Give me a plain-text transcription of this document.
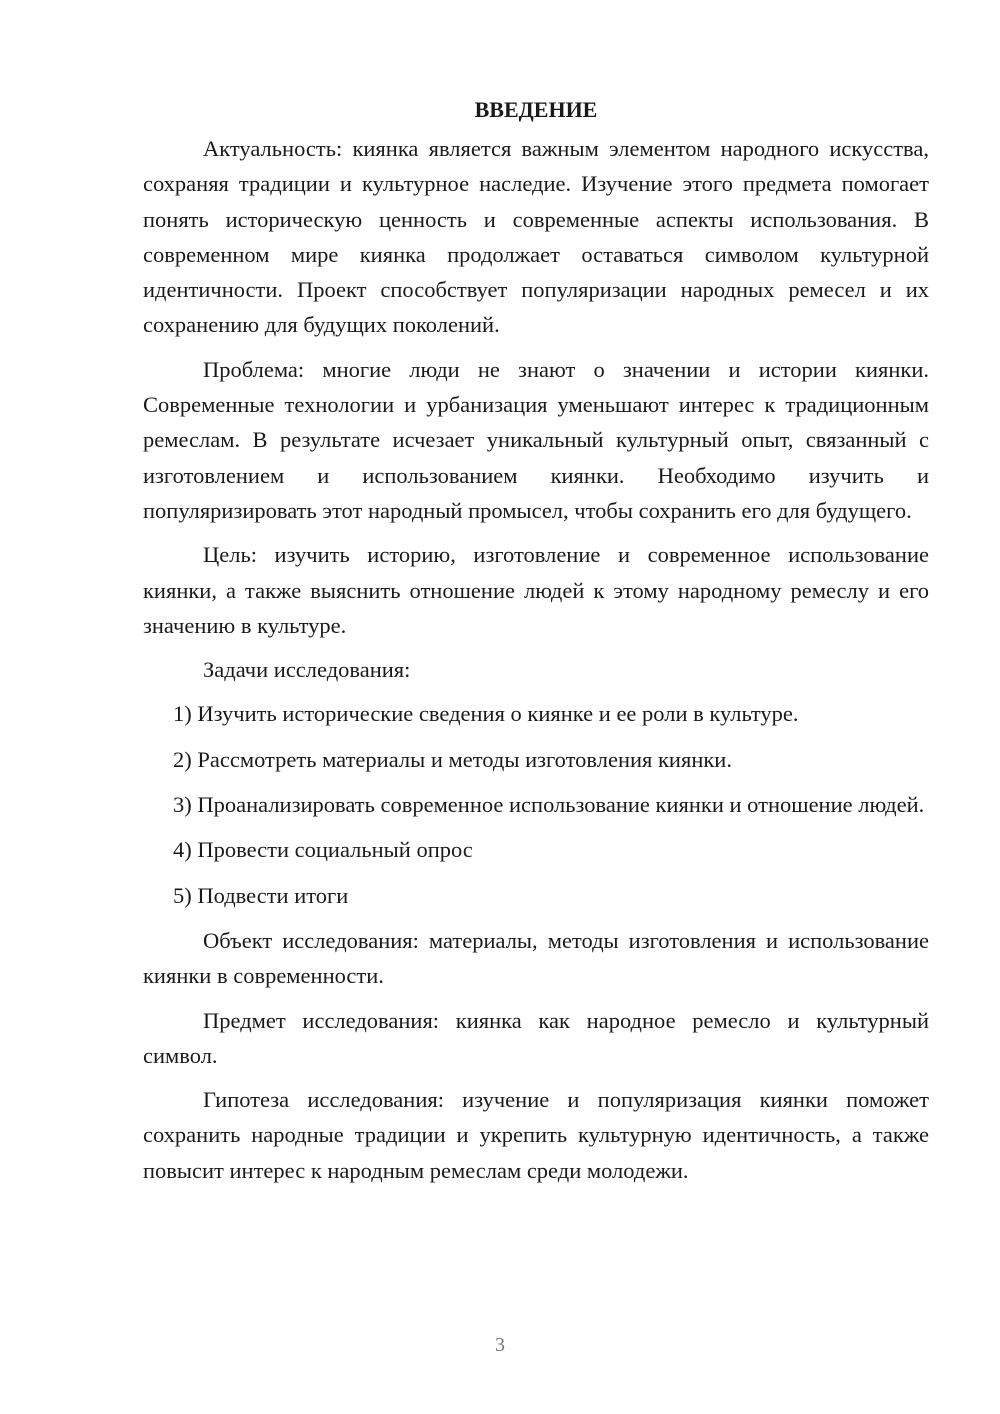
ВВЕДЕНИЕ

Актуальность: киянка является важным элементом народного искусства, сохраняя традиции и культурное наследие. Изучение этого предмета помогает понять историческую ценность и современные аспекты использования. В современном мире киянка продолжает оставаться символом культурной идентичности. Проект способствует популяризации народных ремесел и их сохранению для будущих поколений.

Проблема: многие люди не знают о значении и истории киянки. Современные технологии и урбанизация уменьшают интерес к традиционным ремеслам. В результате исчезает уникальный культурный опыт, связанный с изготовлением и использованием киянки. Необходимо изучить и популяризировать этот народный промысел, чтобы сохранить его для будущего.

Цель: изучить историю, изготовление и современное использование киянки, а также выяснить отношение людей к этому народному ремеслу и его значению в культуре.

Задачи исследования:

1) Изучить исторические сведения о киянке и ее роли в культуре.

2) Рассмотреть материалы и методы изготовления киянки.

3) Проанализировать современное использование киянки и отношение людей.

4) Провести социальный опрос

5) Подвести итоги

Объект исследования: материалы, методы изготовления и использование киянки в современности.

Предмет исследования: киянка как народное ремесло и культурный символ.

Гипотеза исследования: изучение и популяризация киянки поможет сохранить народные традиции и укрепить культурную идентичность, а также повысит интерес к народным ремеслам среди молодежи.

3
